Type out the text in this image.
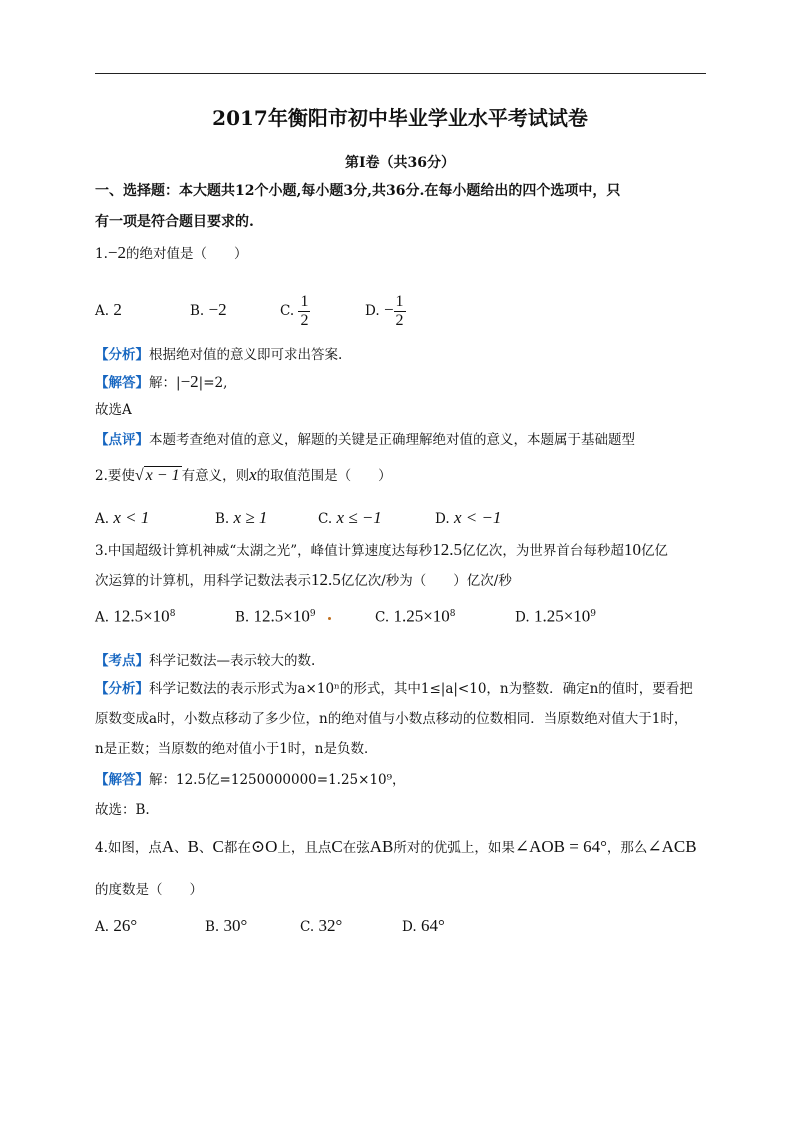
2017年衡阳市初中毕业学业水平考试试卷
第Ⅰ卷（共36分）
一、选择题：本大题共12个小题,每小题3分,共36分.在每小题给出的四个选项中，只
有一项是符合题目要求的.
1.−2的绝对值是（　　）
A. 2	B. −2	C. $\frac{1}{2}$	D. − $\frac{1}{2}$
【分析】根据绝对值的意义即可求出答案.
【解答】解：|−2|=2,
故选A
【点评】本题考查绝对值的意义，解题的关键是正确理解绝对值的意义，本题属于基础题型
2.要使√ x − 1 有意义，则x的取值范围是（　　）
A. x < 1	B. x ≥ 1	C. x ≤ −1	D. x < −1
3.中国超级计算机神威“太湖之光”，峰值计算速度达每秒12.5亿亿次，为世界首台每秒超10亿亿
次运算的计算机，用科学记数法表示12.5亿亿次/秒为（　　）亿次/秒
A. $12.5\times 10^8$	B. $12.5\times 10^9$	C. $1.25\times 10^8$	D. $1.25\times 10^9$
【考点】科学记数法—表示较大的数.
【分析】科学记数法的表示形式为a×10ⁿ的形式，其中1≤|a|<10，n为整数．确定n的值时，要看把
原数变成a时，小数点移动了多少位，n的绝对值与小数点移动的位数相同．当原数绝对值大于1时，
n是正数；当原数的绝对值小于1时，n是负数．
【解答】解：12.5亿=1250000000=1.25×10⁹，
故选：B.
4.如图，点A、B、C都在⊙O上，且点C在弦AB所对的优弧上，如果∠AOB = 64°，那么∠ACB
的度数是（　　）
A. 26°	B. 30°	C. 32°	D. 64°
